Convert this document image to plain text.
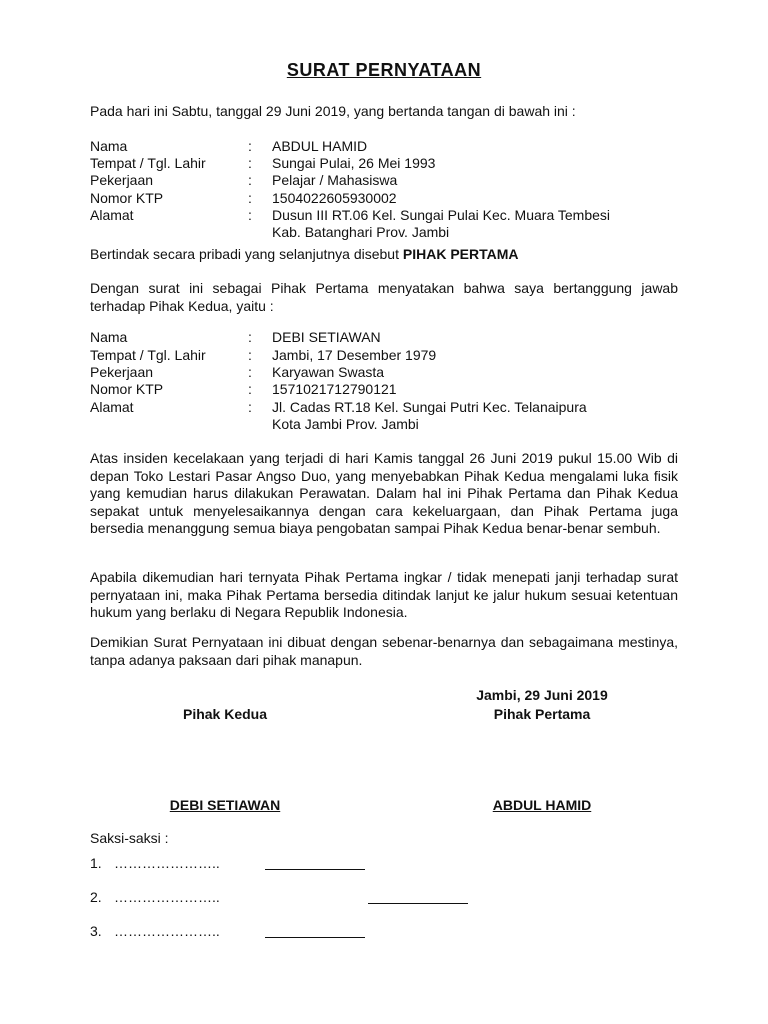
SURAT PERNYATAAN
Pada hari ini Sabtu, tanggal 29 Juni 2019, yang bertanda tangan di bawah ini :
Nama	: ABDUL HAMID
Tempat / Tgl. Lahir	: Sungai Pulai, 26 Mei 1993
Pekerjaan	: Pelajar / Mahasiswa
Nomor KTP	: 1504022605930002
Alamat	: Dusun III RT.06 Kel. Sungai Pulai Kec. Muara Tembesi
Kab. Batanghari Prov. Jambi
Bertindak secara pribadi yang selanjutnya disebut PIHAK PERTAMA
Dengan surat ini sebagai Pihak Pertama menyatakan bahwa saya bertanggung jawab terhadap Pihak Kedua, yaitu :
Nama	: DEBI SETIAWAN
Tempat / Tgl. Lahir	: Jambi, 17 Desember 1979
Pekerjaan	: Karyawan Swasta
Nomor KTP	: 1571021712790121
Alamat	: Jl. Cadas RT.18 Kel. Sungai Putri Kec. Telanaipura
Kota Jambi Prov. Jambi
Atas insiden kecelakaan yang terjadi di hari Kamis tanggal 26 Juni 2019 pukul 15.00 Wib di depan Toko Lestari Pasar Angso Duo, yang menyebabkan Pihak Kedua mengalami luka fisik yang kemudian harus dilakukan Perawatan. Dalam hal ini Pihak Pertama dan Pihak Kedua sepakat untuk menyelesaikannya dengan cara kekeluargaan, dan Pihak Pertama juga bersedia menanggung semua biaya pengobatan sampai Pihak Kedua benar-benar sembuh.
Apabila dikemudian hari ternyata Pihak Pertama ingkar / tidak menepati janji terhadap surat pernyataan ini, maka Pihak Pertama bersedia ditindak lanjut ke jalur hukum sesuai ketentuan hukum yang berlaku di Negara Republik Indonesia.
Demikian Surat Pernyataan ini dibuat dengan sebenar-benarnya dan sebagaimana mestinya, tanpa adanya paksaan dari pihak manapun.
Jambi, 29 Juni 2019
Pihak Kedua	Pihak Pertama
DEBI SETIAWAN	ABDUL HAMID
Saksi-saksi :
1. …………………..
2. …………………..
3. …………………..
